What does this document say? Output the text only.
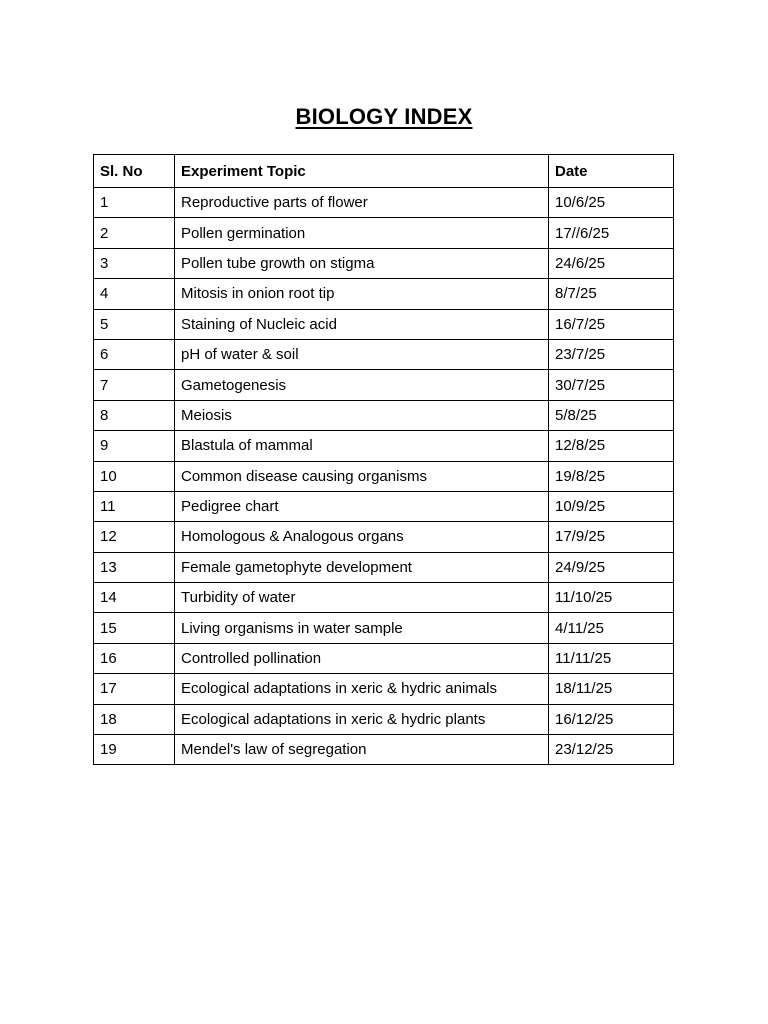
BIOLOGY INDEX
Sl. No	Experiment Topic	Date
1	Reproductive parts of flower	10/6/25
2	Pollen germination	17//6/25
3	Pollen tube growth on stigma	24/6/25
4	Mitosis in onion root tip	8/7/25
5	Staining of Nucleic acid	16/7/25
6	pH of water & soil	23/7/25
7	Gametogenesis	30/7/25
8	Meiosis	5/8/25
9	Blastula of mammal	12/8/25
10	Common disease causing organisms	19/8/25
11	Pedigree chart	10/9/25
12	Homologous & Analogous organs	17/9/25
13	Female gametophyte development	24/9/25
14	Turbidity of water	11/10/25
15	Living organisms in water sample	4/11/25
16	Controlled pollination	11/11/25
17	Ecological adaptations in xeric & hydric animals	18/11/25
18	Ecological adaptations in xeric & hydric plants	16/12/25
19	Mendel's law of segregation	23/12/25
